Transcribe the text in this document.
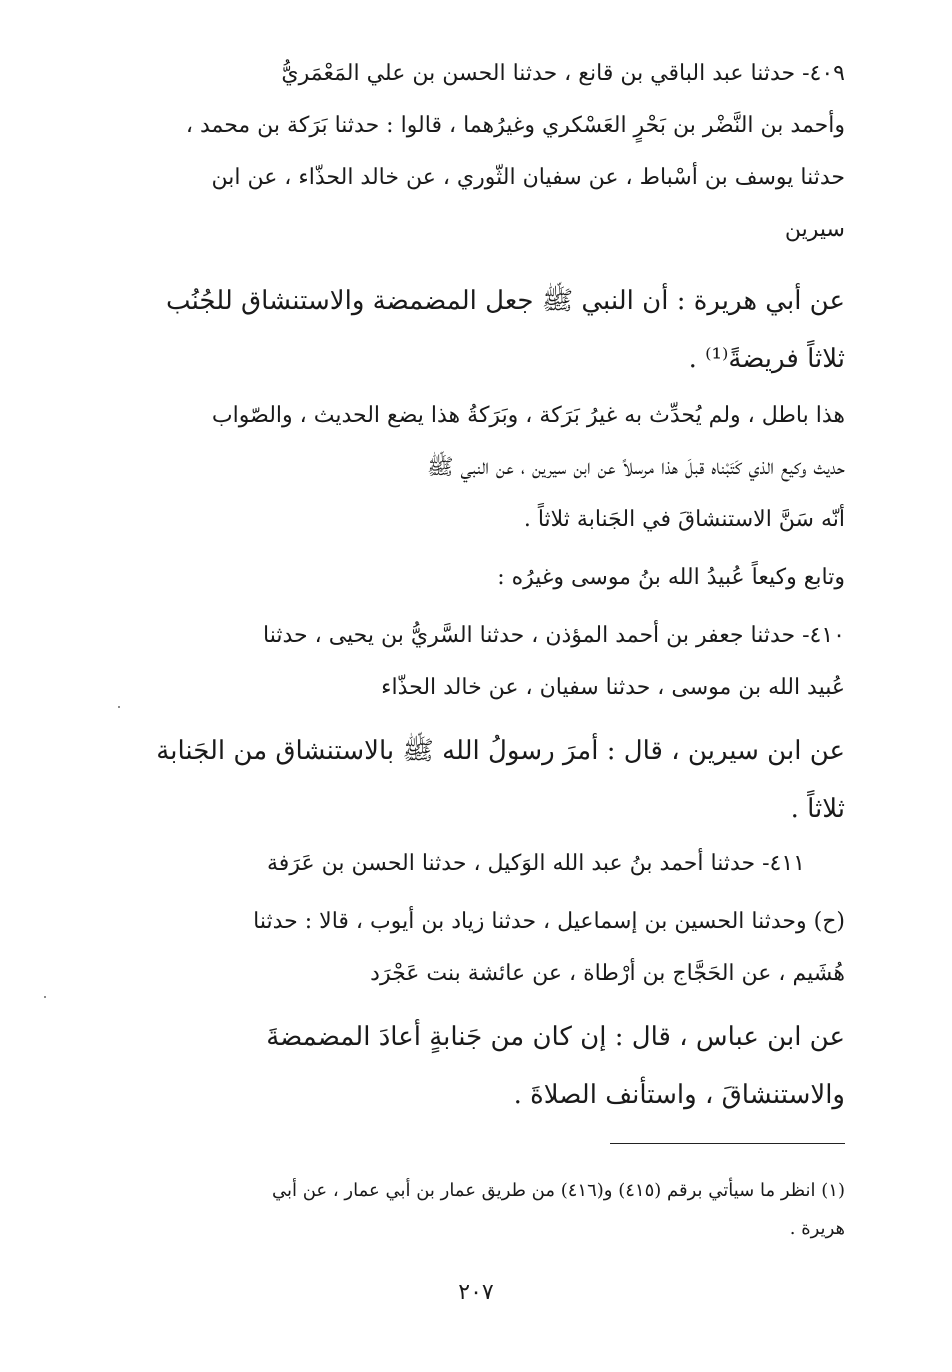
٤٠٩- حدثنا عبد الباقي بن قانع ، حدثنا الحسن بن علي المَعْمَريُّ
وأحمد بن النَّضْر بن بَحْرٍ العَسْكري وغيرُهما ، قالوا : حدثنا بَرَكة بن محمد ،
حدثنا يوسف بن أسْباط ، عن سفيان الثّوري ، عن خالد الحذّاء ، عن ابن
سيرين
عن أبي هريرة : أن النبي ﷺ جعل المضمضة والاستنشاق للجُنُب
ثلاثاً فريضةً⁽¹⁾ .
هذا باطل ، ولم يُحدِّث به غيرُ بَرَكة ، وبَرَكةُ هذا يضع الحديث ، والصّواب
حديث وكيع الذي كَتَبْناه قبلَ هذا مرسلاً عن ابن سيرين ، عن النبي ﷺ
أنّه سَنَّ الاستنشاقَ في الجَنابة ثلاثاً .
وتابع وكيعاً عُبيدُ الله بنُ موسى وغيرُه :
٤١٠- حدثنا جعفر بن أحمد المؤذن ، حدثنا السَّريُّ بن يحيى ، حدثنا
عُبيد الله بن موسى ، حدثنا سفيان ، عن خالد الحذّاء
عن ابن سيرين ، قال : أمرَ رسولُ الله ﷺ بالاستنشاق من الجَنابة
ثلاثاً .
٤١١- حدثنا أحمد بنُ عبد الله الوَكيل ، حدثنا الحسن بن عَرَفة
(ح) وحدثنا الحسين بن إسماعيل ، حدثنا زياد بن أيوب ، قالا : حدثنا
هُشَيم ، عن الحَجَّاج بن أرْطاة ، عن عائشة بنت عَجْرَد
عن ابن عباس ، قال : إن كان من جَنابةٍ أعادَ المضمضةَ
والاستنشاقَ ، واستأنف الصلاةَ .
(١) انظر ما سيأتي برقم (٤١٥) و(٤١٦) من طريق عمار بن أبي عمار ، عن أبي
هريرة .
٢٠٧
